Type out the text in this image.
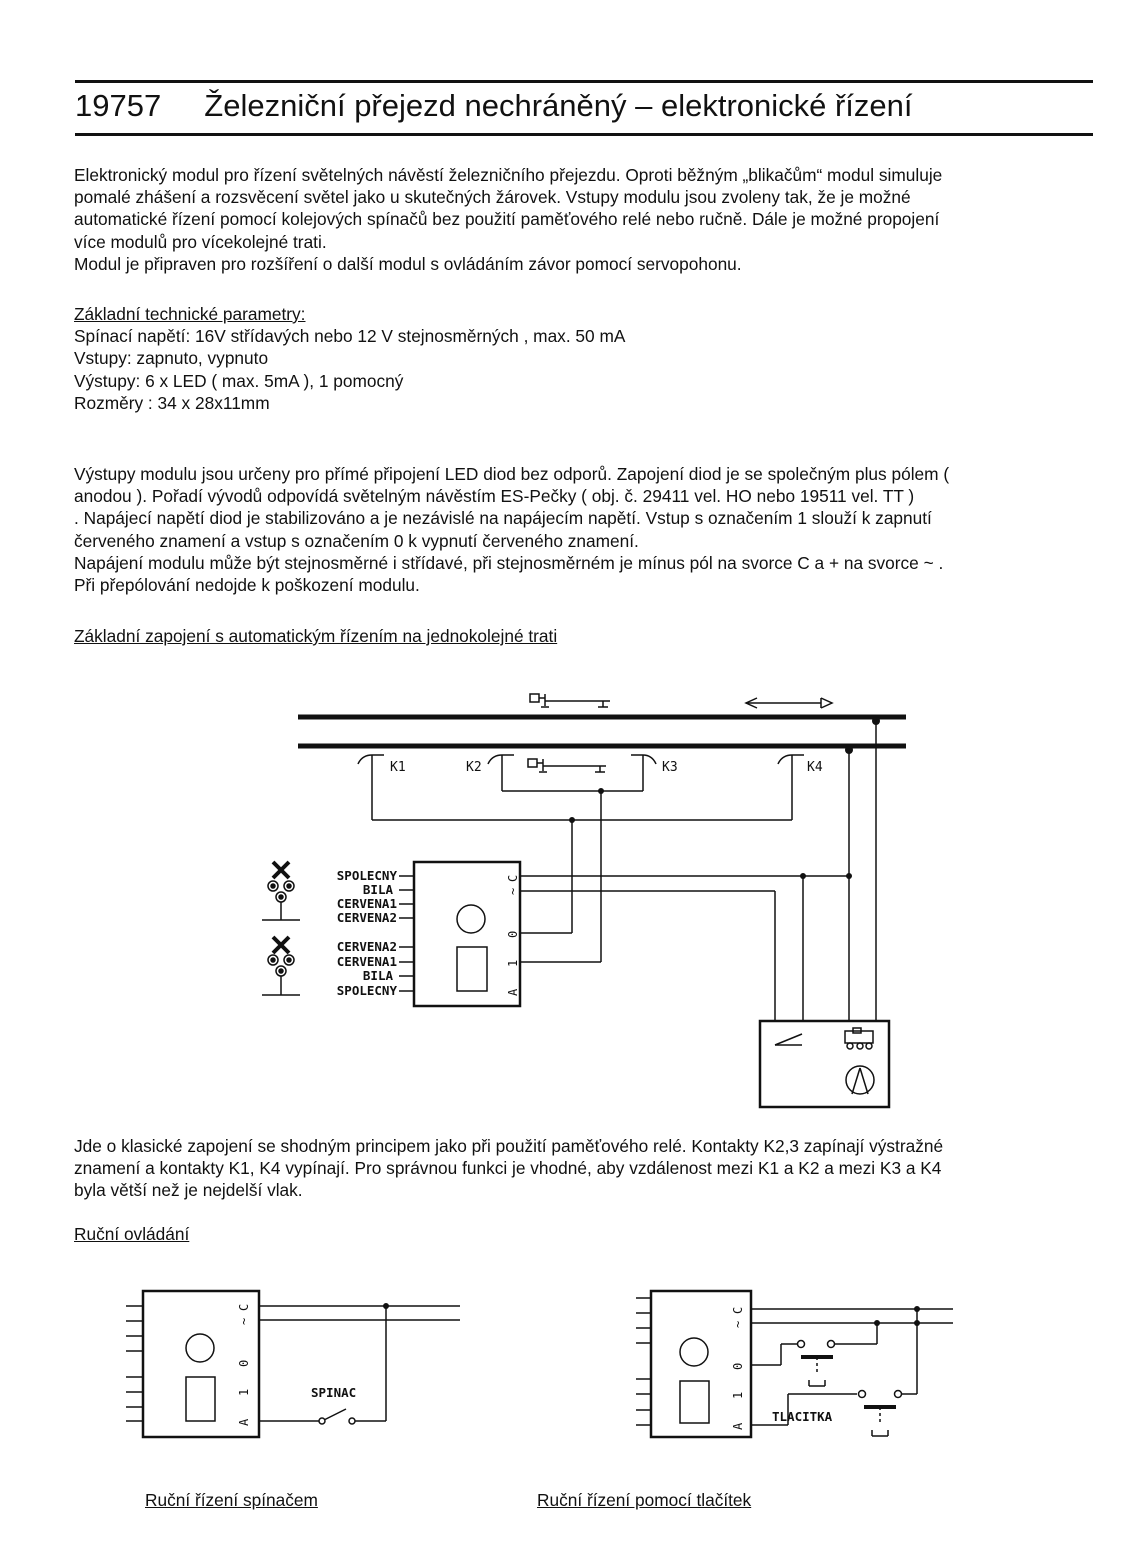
19757 Železniční přejezd nechráněný – elektronické řízení
Elektronický modul pro řízení světelných návěstí železničního přejezdu. Oproti běžným „blikačům“ modul simuluje
pomalé zhášení a rozsvěcení světel jako u skutečných žárovek. Vstupy modulu jsou zvoleny tak, že je možné
automatické řízení pomocí kolejových spínačů bez použití paměťového relé nebo ručně. Dále je možné propojení
více modulů pro vícekolejné trati.
Modul je připraven pro rozšíření o další modul s ovládáním závor pomocí servopohonu.
Základní technické parametry:
Spínací napětí: 16V střídavých nebo 12 V stejnosměrných , max. 50 mA
Vstupy: zapnuto, vypnuto
Výstupy: 6 x LED ( max. 5mA ), 1 pomocný
Rozměry : 34 x 28x11mm
Výstupy modulu jsou určeny pro přímé připojení LED diod bez odporů. Zapojení diod je se společným plus pólem (
anodou ). Pořadí vývodů odpovídá světelným návěstím ES-Pečky ( obj. č. 29411 vel. HO nebo 19511 vel. TT )
. Napájecí napětí diod je stabilizováno a je nezávislé na napájecím napětí. Vstup s označením 1 slouží k zapnutí
červeného znamení a vstup s označením 0 k vypnutí červeného znamení.
Napájení modulu může být stejnosměrné i střídavé, při stejnosměrném je mínus pól na svorce C a + na svorce ~ .
Při přepólování nedojde k poškození modulu.
Základní zapojení s automatickým řízením na jednokolejné trati
K1	K2	K3	K4
C
~
0
1
A
SPOLECNY
BILA
CERVENA1
CERVENA2
CERVENA2
CERVENA1
BILA
SPOLECNY
Jde o klasické zapojení se shodným principem jako při použití paměťového relé. Kontakty K2,3 zapínají výstražné
znamení a kontakty K1, K4 vypínají. Pro správnou funkci je vhodné, aby vzdálenost mezi K1 a K2 a mezi K3 a K4
byla větší než je nejdelší vlak.
Ruční ovládání
C
~
0
1
A
SPINAC
C
~
0
1
A
TLACITKA
Ruční řízení spínačem	Ruční řízení pomocí tlačítek
